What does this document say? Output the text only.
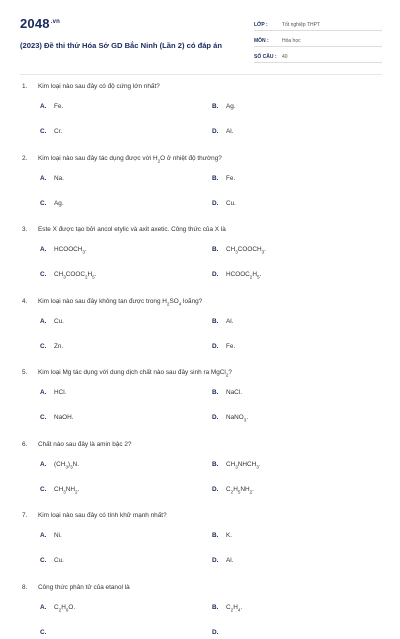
$2048^{.vn}$
(2023) Đề thi thử Hóa Sở GD Bắc Ninh (Lần 2) có đáp án
LỚP :	Tốt nghiệp THPT
MÔN :	Hóa học
SỐ CÂU :	40
1. Kim loại nào sau đây có độ cứng lớn nhất?
A. Fe.	B. Ag.
C. Cr.	D. Al.
2. Kim loại nào sau đây tác dụng được với $H_2O$ ở nhiệt độ thường?
A. Na.	B. Fe.
C. Ag.	D. Cu.
3. Este X được tạo bởi ancol etylic và axit axetic. Công thức của X là
A. $HCOOCH_3$.	B. $CH_3COOCH_3$.
C. $CH_3COOC_2H_5$.	D. $HCOOC_2H_5$.
4. Kim loại nào sau đây không tan được trong $H_2SO_4$ loãng?
A. Cu.	B. Al.
C. Zn.	D. Fe.
5. Kim loại Mg tác dụng với dung dịch chất nào sau đây sinh ra MgCl$_2$?
A. HCl.	B. NaCl.
C. NaOH.	D. NaNO$_3$.
6. Chất nào sau đây là amin bậc 2?
A. $(CH_3)_3N$.	B. $CH_3NHCH_3$.
C. $CH_3NH_2$.	D. $C_2H_5NH_2$.
7. Kim loại nào sau đây có tính khử mạnh nhất?
A. Ni.	B. K.
C. Cu.	D. Al.
8. Công thức phân tử của etanol là
A. $C_2H_6O$.	B. $C_2H_4$.
C.	D.
